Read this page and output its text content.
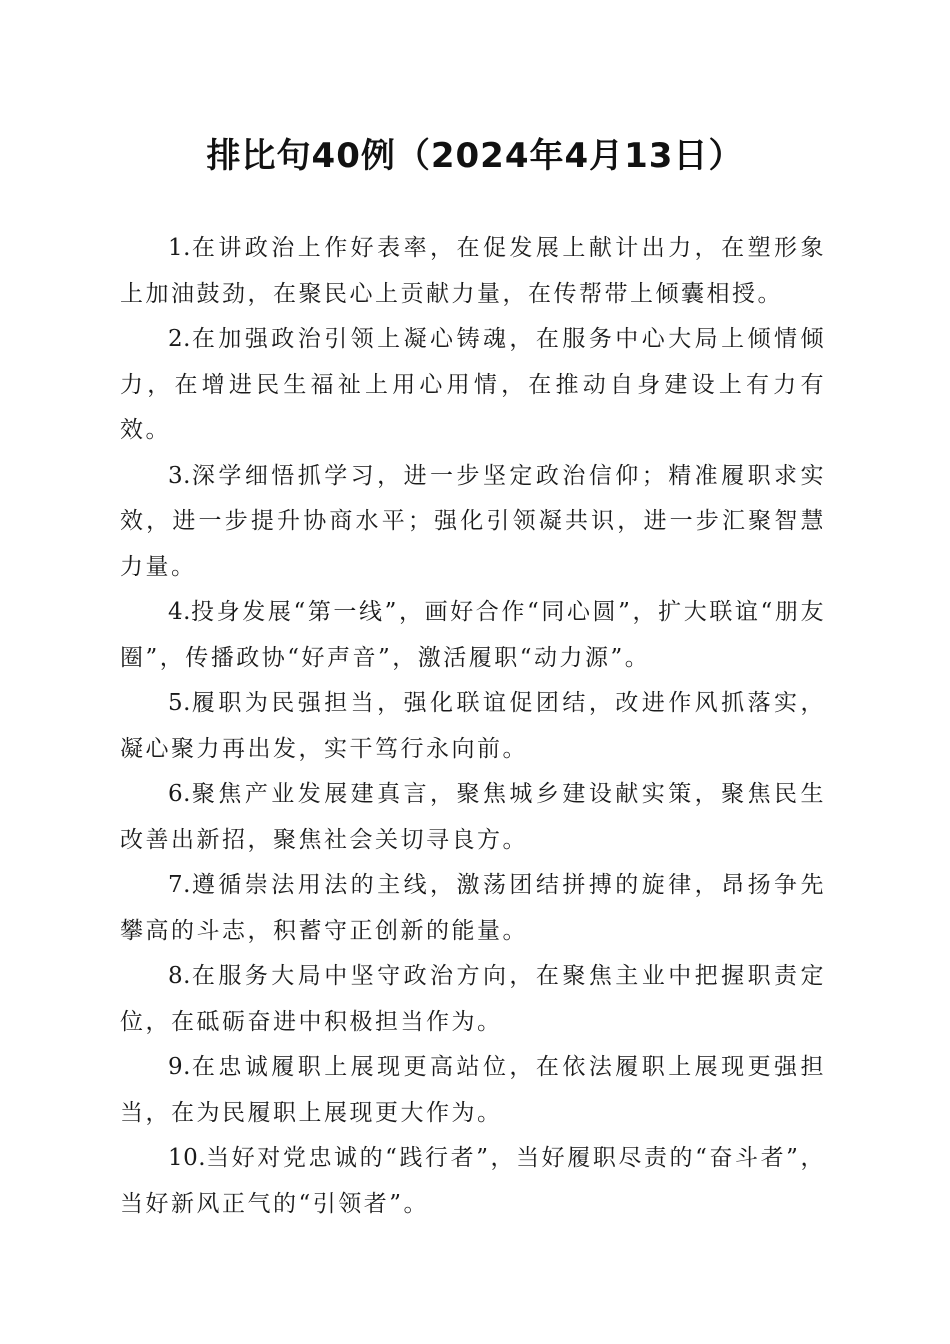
排比句40例（2024年4月13日）

1.在讲政治上作好表率，在促发展上献计出力，在塑形象上加油鼓劲，在聚民心上贡献力量，在传帮带上倾囊相授。

2.在加强政治引领上凝心铸魂，在服务中心大局上倾情倾力，在增进民生福祉上用心用情，在推动自身建设上有力有效。

3.深学细悟抓学习，进一步坚定政治信仰；精准履职求实效，进一步提升协商水平；强化引领凝共识，进一步汇聚智慧力量。

4.投身发展“第一线”，画好合作“同心圆”，扩大联谊“朋友圈”，传播政协“好声音”，激活履职“动力源”。

5.履职为民强担当，强化联谊促团结，改进作风抓落实，凝心聚力再出发，实干笃行永向前。

6.聚焦产业发展建真言，聚焦城乡建设献实策，聚焦民生改善出新招，聚焦社会关切寻良方。

7.遵循崇法用法的主线，激荡团结拼搏的旋律，昂扬争先攀高的斗志，积蓄守正创新的能量。

8.在服务大局中坚守政治方向，在聚焦主业中把握职责定位，在砥砺奋进中积极担当作为。

9.在忠诚履职上展现更高站位，在依法履职上展现更强担当，在为民履职上展现更大作为。

10.当好对党忠诚的“践行者”，当好履职尽责的“奋斗者”，当好新风正气的“引领者”。
